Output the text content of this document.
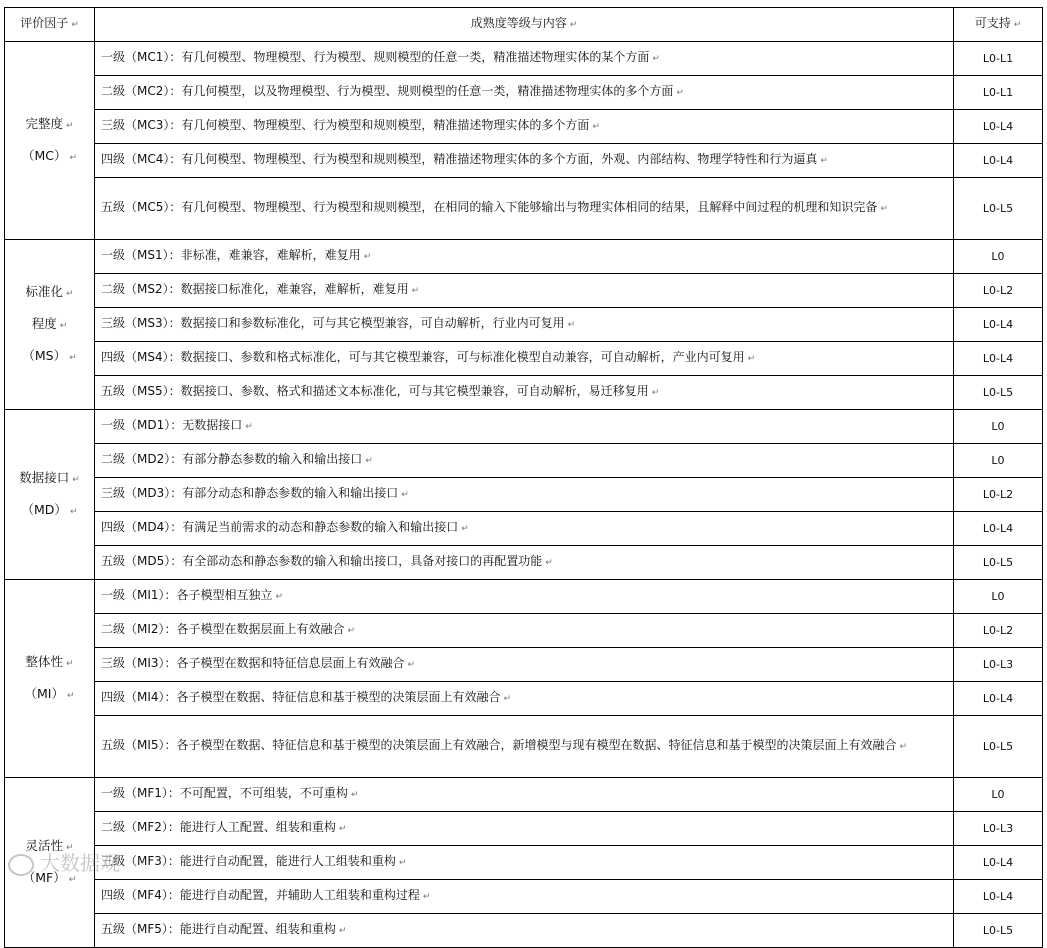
评价因子 ↵	成熟度等级与内容 ↵	可支持 ↵

完整度 ↵
（MC） ↵	一级（MC1）：有几何模型、物理模型、行为模型、规则模型的任意一类，精准描述物理实体的某个方面 ↵	L0-L1
	二级（MC2）：有几何模型，以及物理模型、行为模型、规则模型的任意一类，精准描述物理实体的多个方面 ↵	L0-L1
	三级（MC3）：有几何模型、物理模型、行为模型和规则模型，精准描述物理实体的多个方面 ↵	L0-L4
	四级（MC4）：有几何模型、物理模型、行为模型和规则模型，精准描述物理实体的多个方面，外观、内部结构、物理学特性和行为逼真 ↵	L0-L4
	五级（MC5）：有几何模型、物理模型、行为模型和规则模型，在相同的输入下能够输出与物理实体相同的结果，且解释中间过程的机理和知识完备 ↵	L0-L5

标准化 ↵
程度 ↵
（MS） ↵	一级（MS1）：非标准，难兼容，难解析，难复用 ↵	L0
	二级（MS2）：数据接口标准化，难兼容，难解析，难复用 ↵	L0-L2
	三级（MS3）：数据接口和参数标准化，可与其它模型兼容，可自动解析，行业内可复用 ↵	L0-L4
	四级（MS4）：数据接口、参数和格式标准化，可与其它模型兼容，可与标准化模型自动兼容，可自动解析，产业内可复用 ↵	L0-L4
	五级（MS5）：数据接口、参数、格式和描述文本标准化，可与其它模型兼容，可自动解析，易迁移复用 ↵	L0-L5

数据接口 ↵
（MD） ↵	一级（MD1）：无数据接口 ↵	L0
	二级（MD2）：有部分静态参数的输入和输出接口 ↵	L0
	三级（MD3）：有部分动态和静态参数的输入和输出接口 ↵	L0-L2
	四级（MD4）：有满足当前需求的动态和静态参数的输入和输出接口 ↵	L0-L4
	五级（MD5）：有全部动态和静态参数的输入和输出接口，具备对接口的再配置功能 ↵	L0-L5

整体性 ↵
（MI） ↵	一级（MI1）：各子模型相互独立 ↵	L0
	二级（MI2）：各子模型在数据层面上有效融合 ↵	L0-L2
	三级（MI3）：各子模型在数据和特征信息层面上有效融合 ↵	L0-L3
	四级（MI4）：各子模型在数据、特征信息和基于模型的决策层面上有效融合 ↵	L0-L4
	五级（MI5）：各子模型在数据、特征信息和基于模型的决策层面上有效融合，新增模型与现有模型在数据、特征信息和基于模型的决策层面上有效融合 ↵	L0-L5

灵活性 ↵
（MF） ↵	一级（MF1）：不可配置，不可组装，不可重构 ↵	L0
	二级（MF2）：能进行人工配置、组装和重构 ↵	L0-L3
	三级（MF3）：能进行自动配置，能进行人工组装和重构 ↵	L0-L4
	四级（MF4）：能进行自动配置，并辅助人工组装和重构过程 ↵	L0-L4
	五级（MF5）：能进行自动配置、组装和重构 ↵	L0-L5
大数据观
